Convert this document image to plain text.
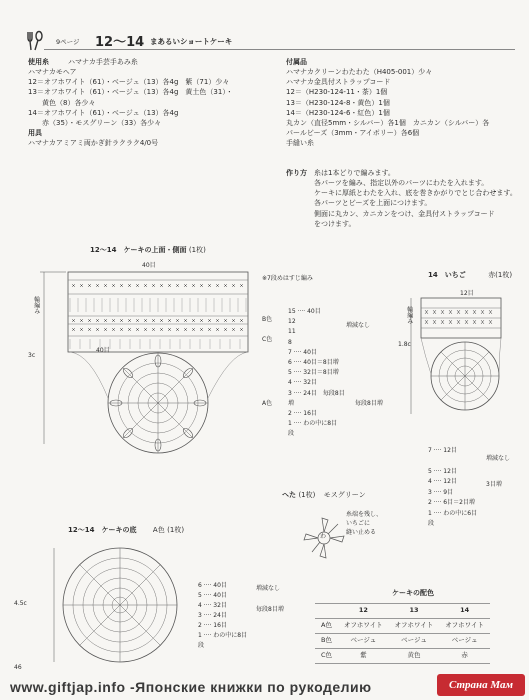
9ページ 12〜14 まあるいショートケーキ
使用糸	ハマナカ手芸手あみ糸
ハマナカモヘア
12＝オフホワイト（61）・ベージュ（13）各4g　紫（71）少々
13＝オフホワイト（61）・ベージュ（13）各4g　黄土色（31）・
　　黄色（8）各少々
14＝オフホワイト（61）・ベージュ（13）各4g
　　赤（35）・モスグリーン（33）各少々
用具
ハマナカアミアミ両かぎ針ラクラク4/0号
付属品
ハマナカクリーンわたわた（H405-001）少々
ハマナカ金具付ストラップコード
12＝（H230-124-11・茶）1個
13＝（H230-124-8・黄色）1個
14＝（H230-124-6・紅色）1個
丸カン（直径5mm・シルバー）各1個　カニカン（シルバー）各
パールビーズ（3mm・アイボリー）各6個
手縫い糸
作り方　 糸は1本どりで編みます。
各パーツを編み、指定以外のパーツにわたを入れます。
ケーキに厚紙とわたを入れ、底を巻きかがりでとじ合わせます。
各パーツとビーズを上面につけます。
側面に丸カン、カニカンをつけ、金具付ストラップコード
をつけます。
12〜14　ケーキの上面・側面 (1枚)
40目
40目
輪編み
3c
※7段めはすじ編み
B色
C色
A色
増減なし
毎段8目増
15 ···· 40目
12
11
8
7 ···· 40目
6 ···· 40目＝8目増
5 ···· 32目＝8目増
4 ···· 32目
3 ···· 24目　毎段8目増
2 ···· 16目
1 ···· わの中に8目
段
14　いちご	赤(1枚)
12目
輪編み
1.8c
7 ···· 12目
5 ···· 12目
4 ···· 12目
3 ···· 9目
2 ···· 6目＝2目増
1 ···· わの中に6目
段
増減なし
3目増
へた (1枚) モスグリーン
わ
糸端を残し、
いちごに
縫い止める
12〜14　ケーキの底 A色 (1枚)
4.5c
6 ···· 40目
5 ···· 40目
4 ···· 32目
3 ···· 24目
2 ···· 16目
1 ···· わの中に8目
段
増減なし
毎段8目増
ケーキの配色
	12	13	14
A色	オフホワイト	オフホワイト	オフホワイト
B色	ベージュ	ベージュ	ベージュ
C色	紫	黄色	赤
46
www.giftjap.info -Японские книжки по рукоделию	Страна Мам
